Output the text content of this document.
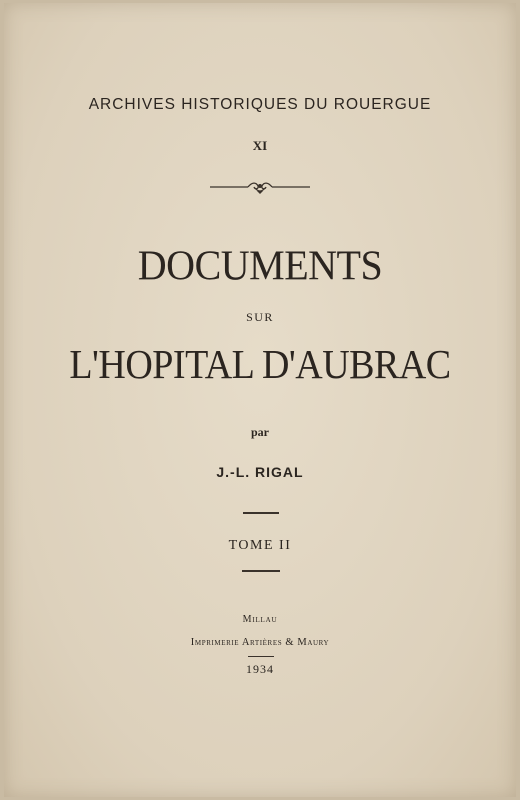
ARCHIVES HISTORIQUES DU ROUERGUE
XI
DOCUMENTS
SUR
L'HOPITAL D'AUBRAC
par
J.-L. RIGAL
TOME II
Millau
Imprimerie Artières & Maury
1934
